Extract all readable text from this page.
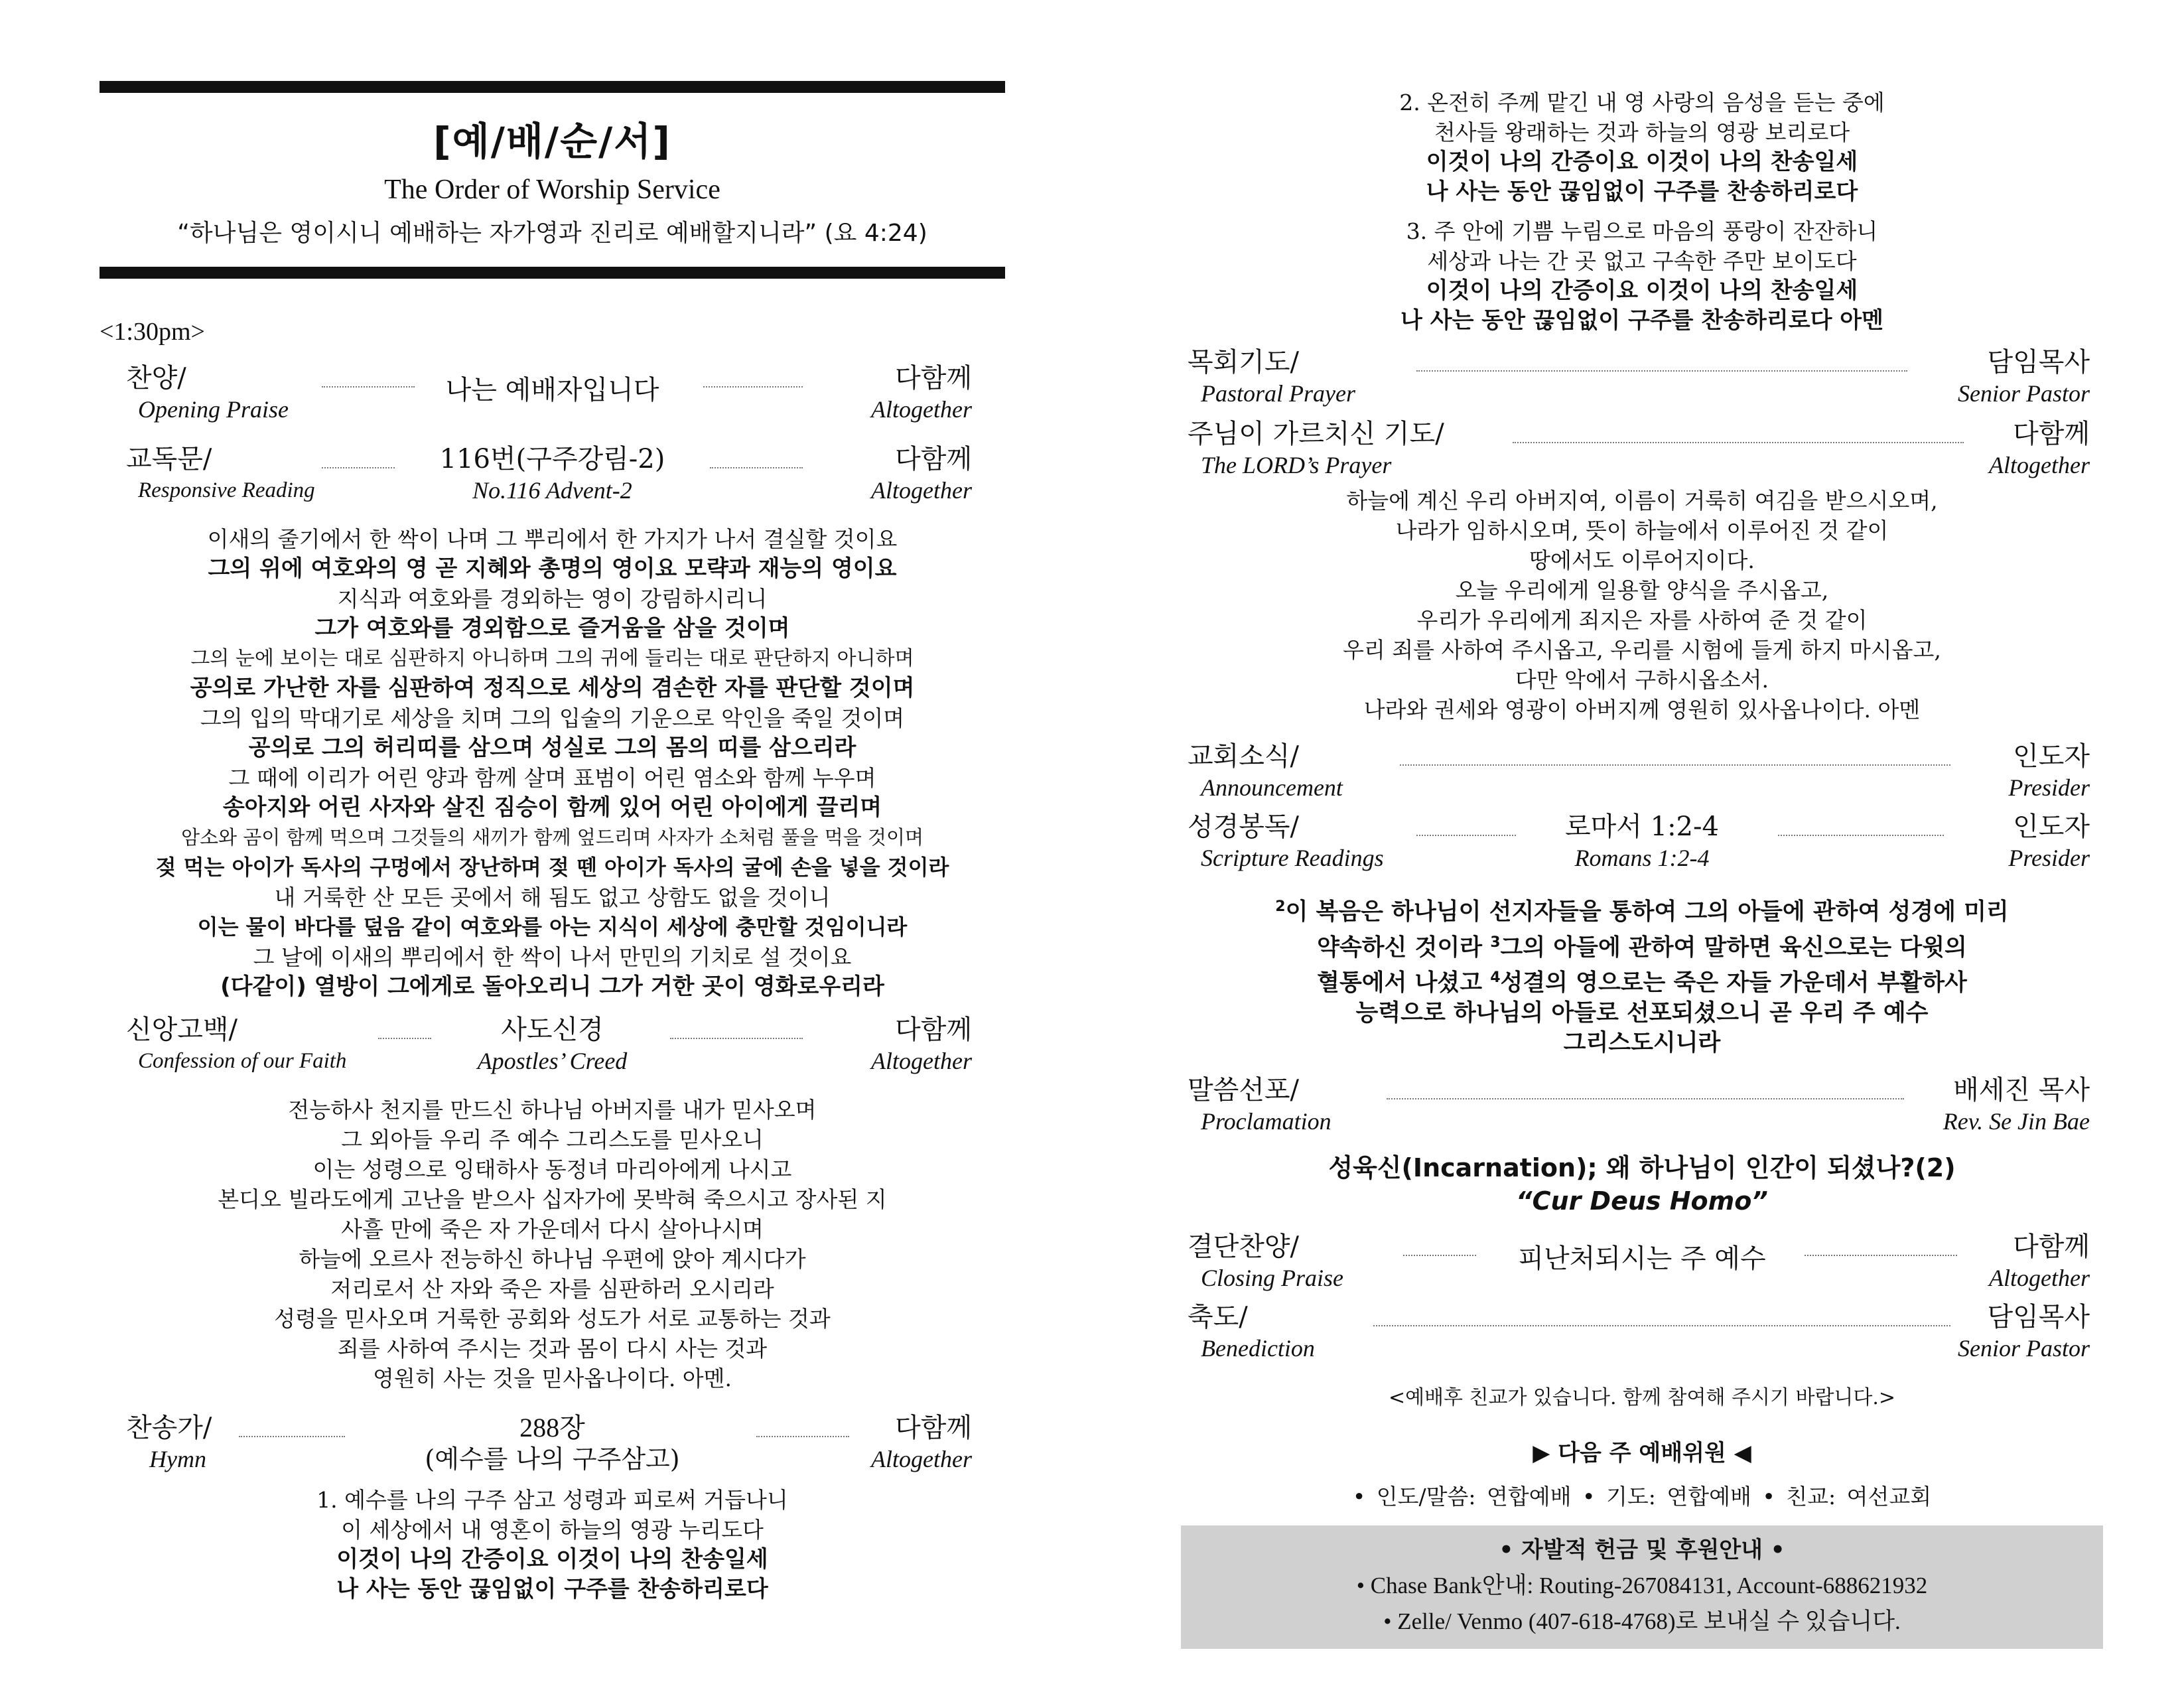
[예/배/순/서]
The Order of Worship Service
“하나님은 영이시니 예배하는 자가영과 진리로 예배할지니라” (요 4:24)
<1:30pm>
찬양/
Opening Praise
나는 예배자입니다	다함께
Altogether
교독문/
Responsive Reading
116번(구주강림-2)
No.116 Advent-2
다함께
Altogether
이새의 줄기에서 한 싹이 나며 그 뿌리에서 한 가지가 나서 결실할 것이요
그의 위에 여호와의 영 곧 지혜와 총명의 영이요 모략과 재능의 영이요
지식과 여호와를 경외하는 영이 강림하시리니
그가 여호와를 경외함으로 즐거움을 삼을 것이며
그의 눈에 보이는 대로 심판하지 아니하며 그의 귀에 들리는 대로 판단하지 아니하며
공의로 가난한 자를 심판하여 정직으로 세상의 겸손한 자를 판단할 것이며
그의 입의 막대기로 세상을 치며 그의 입술의 기운으로 악인을 죽일 것이며
공의로 그의 허리띠를 삼으며 성실로 그의 몸의 띠를 삼으리라
그 때에 이리가 어린 양과 함께 살며 표범이 어린 염소와 함께 누우며
송아지와 어린 사자와 살진 짐승이 함께 있어 어린 아이에게 끌리며
암소와 곰이 함께 먹으며 그것들의 새끼가 함께 엎드리며 사자가 소처럼 풀을 먹을 것이며
젖 먹는 아이가 독사의 구멍에서 장난하며 젖 뗀 아이가 독사의 굴에 손을 넣을 것이라
내 거룩한 산 모든 곳에서 해 됨도 없고 상함도 없을 것이니
이는 물이 바다를 덮음 같이 여호와를 아는 지식이 세상에 충만할 것임이니라
그 날에 이새의 뿌리에서 한 싹이 나서 만민의 기치로 설 것이요
(다같이) 열방이 그에게로 돌아오리니 그가 거한 곳이 영화로우리라
신앙고백/
Confession of our Faith
사도신경
Apostles’ Creed
다함께
Altogether
전능하사 천지를 만드신 하나님 아버지를 내가 믿사오며
그 외아들 우리 주 예수 그리스도를 믿사오니
이는 성령으로 잉태하사 동정녀 마리아에게 나시고
본디오 빌라도에게 고난을 받으사 십자가에 못박혀 죽으시고 장사된 지
사흘 만에 죽은 자 가운데서 다시 살아나시며
하늘에 오르사 전능하신 하나님 우편에 앉아 계시다가
저리로서 산 자와 죽은 자를 심판하러 오시리라
성령을 믿사오며 거룩한 공회와 성도가 서로 교통하는 것과
죄를 사하여 주시는 것과 몸이 다시 사는 것과
영원히 사는 것을 믿사옵나이다. 아멘.
찬송가/
Hymn
288장
(예수를 나의 구주삼고)
다함께
Altogether
1. 예수를 나의 구주 삼고 성령과 피로써 거듭나니
이 세상에서 내 영혼이 하늘의 영광 누리도다
이것이 나의 간증이요 이것이 나의 찬송일세
나 사는 동안 끊임없이 구주를 찬송하리로다
2. 온전히 주께 맡긴 내 영 사랑의 음성을 듣는 중에
천사들 왕래하는 것과 하늘의 영광 보리로다
이것이 나의 간증이요 이것이 나의 찬송일세
나 사는 동안 끊임없이 구주를 찬송하리로다
3. 주 안에 기쁨 누림으로 마음의 풍랑이 잔잔하니
세상과 나는 간 곳 없고 구속한 주만 보이도다
이것이 나의 간증이요 이것이 나의 찬송일세
나 사는 동안 끊임없이 구주를 찬송하리로다 아멘
목회기도/
Pastoral Prayer
담임목사
Senior Pastor
주님이 가르치신 기도/
The LORD’s Prayer
다함께
Altogether
하늘에 계신 우리 아버지여, 이름이 거룩히 여김을 받으시오며,
나라가 임하시오며, 뜻이 하늘에서 이루어진 것 같이
땅에서도 이루어지이다.
오늘 우리에게 일용할 양식을 주시옵고,
우리가 우리에게 죄지은 자를 사하여 준 것 같이
우리 죄를 사하여 주시옵고, 우리를 시험에 들게 하지 마시옵고,
다만 악에서 구하시옵소서.
나라와 권세와 영광이 아버지께 영원히 있사옵나이다. 아멘
교회소식/
Announcement
인도자
Presider
성경봉독/
Scripture Readings
로마서 1:2-4
Romans 1:2-4
인도자
Presider
$^2$이 복음은 하나님이 선지자들을 통하여 그의 아들에 관하여 성경에 미리
약속하신 것이라 $^3$그의 아들에 관하여 말하면 육신으로는 다윗의
혈통에서 나셨고 $^4$성결의 영으로는 죽은 자들 가운데서 부활하사
능력으로 하나님의 아들로 선포되셨으니 곧 우리 주 예수
그리스도시니라
말씀선포/
Proclamation
배세진 목사
Rev. Se Jin Bae
성육신(Incarnation); 왜 하나님이 인간이 되셨나?(2)
“Cur Deus Homo”
결단찬양/
Closing Praise
피난처되시는 주 예수	다함께
Altogether
축도/
Benediction
담임목사
Senior Pastor
<예배후 친교가 있습니다. 함께 참여해 주시기 바랍니다.>
▶ 다음 주 예배위원 ◀
• 인도/말씀: 연합예배 • 기도: 연합예배 • 친교: 여선교회
• 자발적 헌금 및 후원안내 •
• Chase Bank안내: Routing-267084131, Account-688621932
• Zelle/ Venmo (407-618-4768)로 보내실 수 있습니다.
